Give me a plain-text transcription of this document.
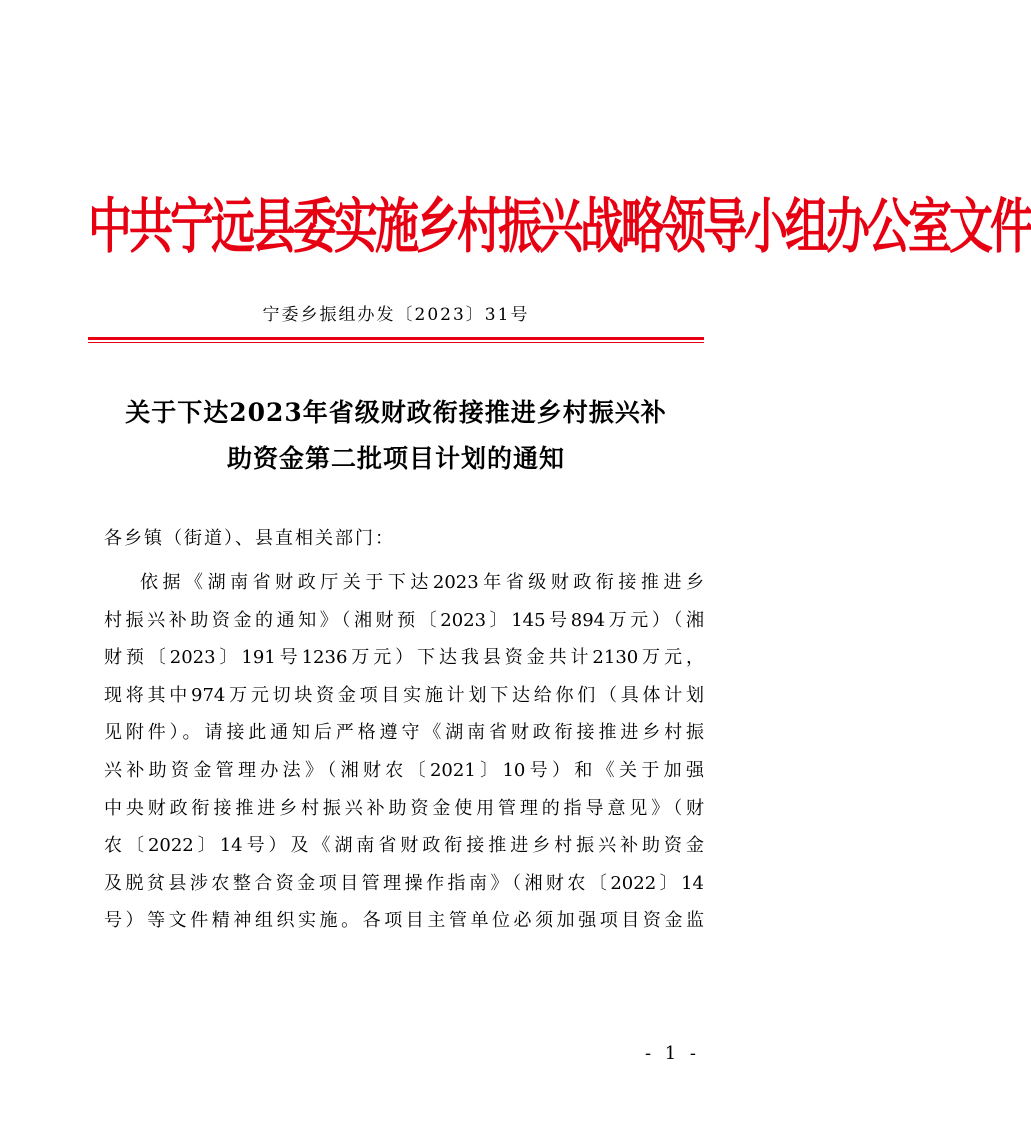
中共宁远县委实施乡村振兴战略领导小组办公室文件
宁委乡振组办发〔2023〕31号
关于下达2023年省级财政衔接推进乡村振兴补
助资金第二批项目计划的通知
各乡镇（街道）、县直相关部门：
依据《湖南省财政厅关于下达2023年省级财政衔接推进乡
村振兴补助资金的通知》（湘财预〔2023〕145号894万元）（湘
财预〔2023〕191号1236万元）下达我县资金共计2130万元，
现将其中974万元切块资金项目实施计划下达给你们（具体计划
见附件）。请接此通知后严格遵守《湖南省财政衔接推进乡村振
兴补助资金管理办法》（湘财农〔2021〕10号）和《关于加强
中央财政衔接推进乡村振兴补助资金使用管理的指导意见》（财
农〔2022〕14号）及《湖南省财政衔接推进乡村振兴补助资金
及脱贫县涉农整合资金项目管理操作指南》（湘财农〔2022〕14
号）等文件精神组织实施。各项目主管单位必须加强项目资金监
- 1 -
